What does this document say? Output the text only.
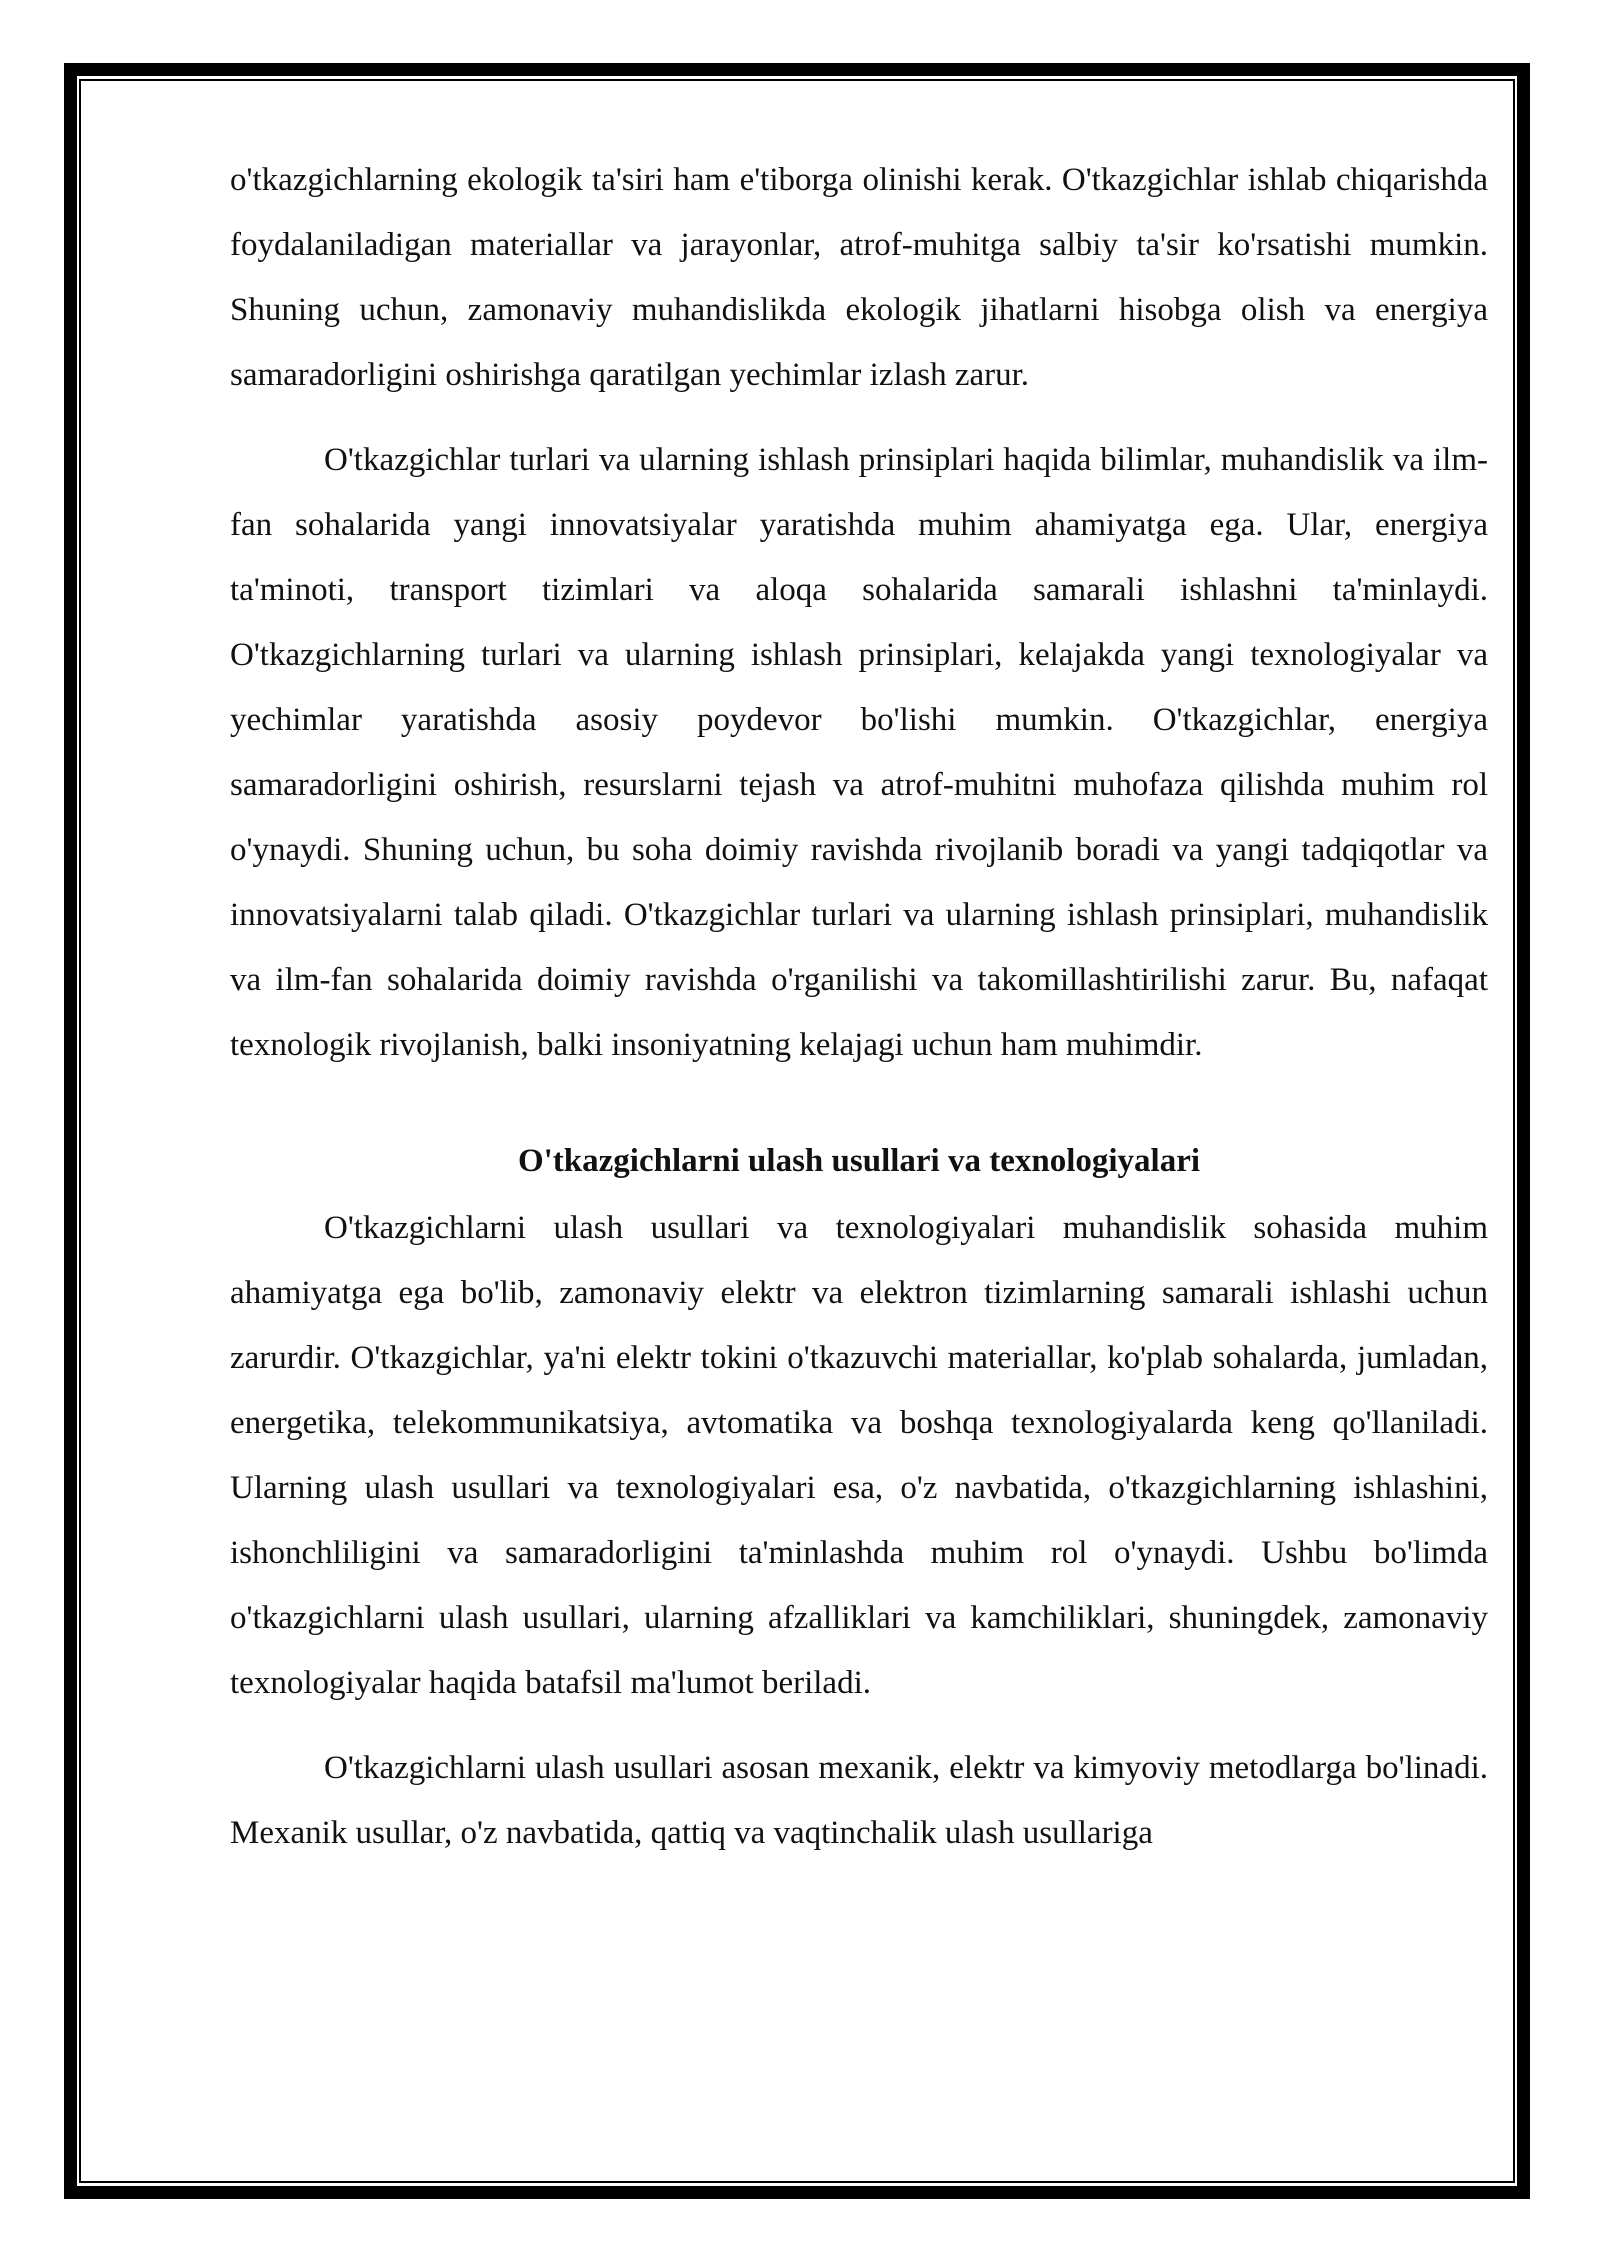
o'tkazgichlarning ekologik ta'siri ham e'tiborga olinishi kerak. O'tkazgichlar ishlab chiqarishda foydalaniladigan materiallar va jarayonlar, atrof-muhitga salbiy ta'sir ko'rsatishi mumkin. Shuning uchun, zamonaviy muhandislikda ekologik jihatlarni hisobga olish va energiya samaradorligini oshirishga qaratilgan yechimlar izlash zarur.

O'tkazgichlar turlari va ularning ishlash prinsiplari haqida bilimlar, muhandislik va ilm-fan sohalarida yangi innovatsiyalar yaratishda muhim ahamiyatga ega. Ular, energiya ta'minoti, transport tizimlari va aloqa sohalarida samarali ishlashni ta'minlaydi. O'tkazgichlarning turlari va ularning ishlash prinsiplari, kelajakda yangi texnologiyalar va yechimlar yaratishda asosiy poydevor bo'lishi mumkin. O'tkazgichlar, energiya samaradorligini oshirish, resurslarni tejash va atrof-muhitni muhofaza qilishda muhim rol o'ynaydi. Shuning uchun, bu soha doimiy ravishda rivojlanib boradi va yangi tadqiqotlar va innovatsiyalarni talab qiladi. O'tkazgichlar turlari va ularning ishlash prinsiplari, muhandislik va ilm-fan sohalarida doimiy ravishda o'rganilishi va takomillashtirilishi zarur. Bu, nafaqat texnologik rivojlanish, balki insoniyatning kelajagi uchun ham muhimdir.

O'tkazgichlarni ulash usullari va texnologiyalari

O'tkazgichlarni ulash usullari va texnologiyalari muhandislik sohasida muhim ahamiyatga ega bo'lib, zamonaviy elektr va elektron tizimlarning samarali ishlashi uchun zarurdir. O'tkazgichlar, ya'ni elektr tokini o'tkazuvchi materiallar, ko'plab sohalarda, jumladan, energetika, telekommunikatsiya, avtomatika va boshqa texnologiyalarda keng qo'llaniladi. Ularning ulash usullari va texnologiyalari esa, o'z navbatida, o'tkazgichlarning ishlashini, ishonchliligini va samaradorligini ta'minlashda muhim rol o'ynaydi. Ushbu bo'limda o'tkazgichlarni ulash usullari, ularning afzalliklari va kamchiliklari, shuningdek, zamonaviy texnologiyalar haqida batafsil ma'lumot beriladi.

O'tkazgichlarni ulash usullari asosan mexanik, elektr va kimyoviy metodlarga bo'linadi. Mexanik usullar, o'z navbatida, qattiq va vaqtinchalik ulash usullariga
